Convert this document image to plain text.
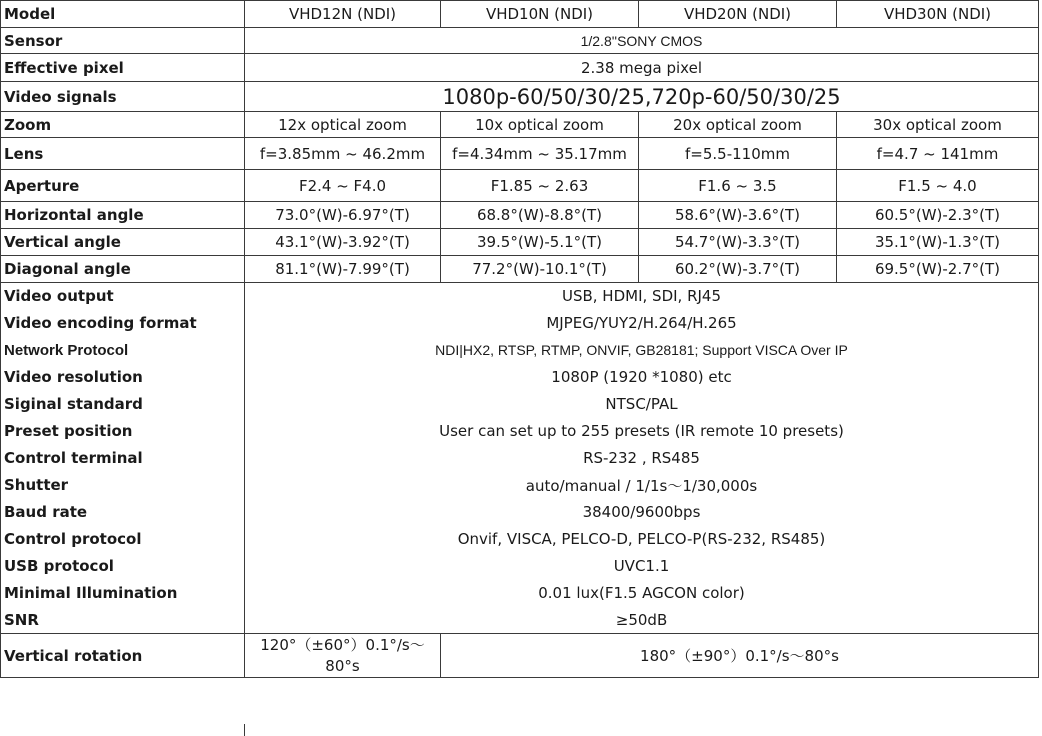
Model	VHD12N (NDI)	VHD10N (NDI)	VHD20N (NDI)	VHD30N (NDI)
Sensor	1/2.8''SONY CMOS			
Effective pixel	2.38 mega pixel			
Video signals	1080p-60/50/30/25,720p-60/50/30/25			
Zoom	12x optical zoom	10x optical zoom	20x optical zoom	30x optical zoom
Lens	f=3.85mm ~ 46.2mm	f=4.34mm ~ 35.17mm	f=5.5-110mm	f=4.7 ~ 141mm
Aperture	F2.4 ~ F4.0	F1.85 ~ 2.63	F1.6 ~ 3.5	F1.5 ~ 4.0
Horizontal angle	73.0°(W)-6.97°(T)	68.8°(W)-8.8°(T)	58.6°(W)-3.6°(T)	60.5°(W)-2.3°(T)
Vertical angle	43.1°(W)-3.92°(T)	39.5°(W)-5.1°(T)	54.7°(W)-3.3°(T)	35.1°(W)-1.3°(T)
Diagonal angle	81.1°(W)-7.99°(T)	77.2°(W)-10.1°(T)	60.2°(W)-3.7°(T)	69.5°(W)-2.7°(T)
Video output	USB, HDMI, SDI, RJ45			
Video encoding format	MJPEG/YUY2/H.264/H.265			
Network Protocol	NDI|HX2, RTSP, RTMP, ONVIF, GB28181; Support VISCA Over IP			
Video resolution	1080P (1920 *1080) etc			
Siginal standard	NTSC/PAL			
Preset position	User can set up to 255 presets (IR remote 10 presets)			
Control terminal	RS-232 , RS485			
Shutter	auto/manual / 1/1s～1/30,000s			
Baud rate	38400/9600bps			
Control protocol	Onvif, VISCA, PELCO-D, PELCO-P(RS-232, RS485)			
USB protocol	UVC1.1			
Minimal Illumination	0.01 lux(F1.5 AGCON color)			
SNR	≥50dB			
Vertical rotation	120°（±60°）0.1°/s～80°s	180°（±90°）0.1°/s～80°s		
